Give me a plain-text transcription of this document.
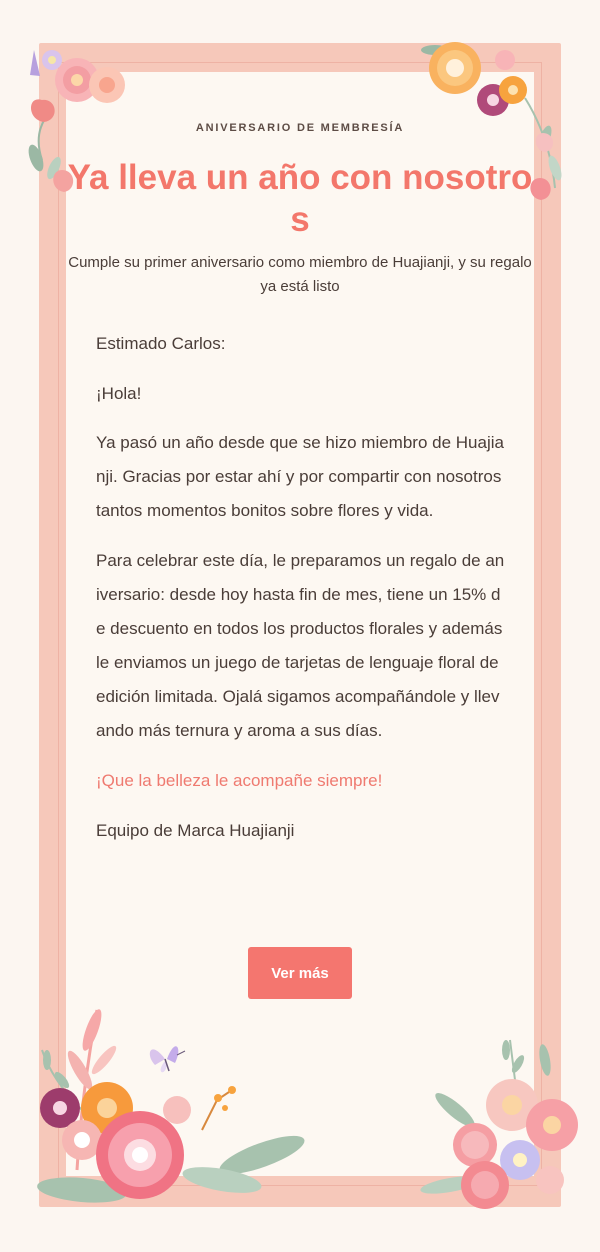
ANIVERSARIO DE MEMBRESÍA
Ya lleva un año con nosotros
Cumple su primer aniversario como miembro de Huajianji, y su regalo ya está listo

Estimado Carlos:

¡Hola!

Ya pasó un año desde que se hizo miembro de Huajianji. Gracias por estar ahí y por compartir con nosotros tantos momentos bonitos sobre flores y vida.

Para celebrar este día, le preparamos un regalo de aniversario: desde hoy hasta fin de mes, tiene un 15% de descuento en todos los productos florales y además le enviamos un juego de tarjetas de lenguaje floral de edición limitada. Ojalá sigamos acompañándole y llevando más ternura y aroma a sus días.

¡Que la belleza le acompañe siempre!

Equipo de Marca Huajianji

Ver más
